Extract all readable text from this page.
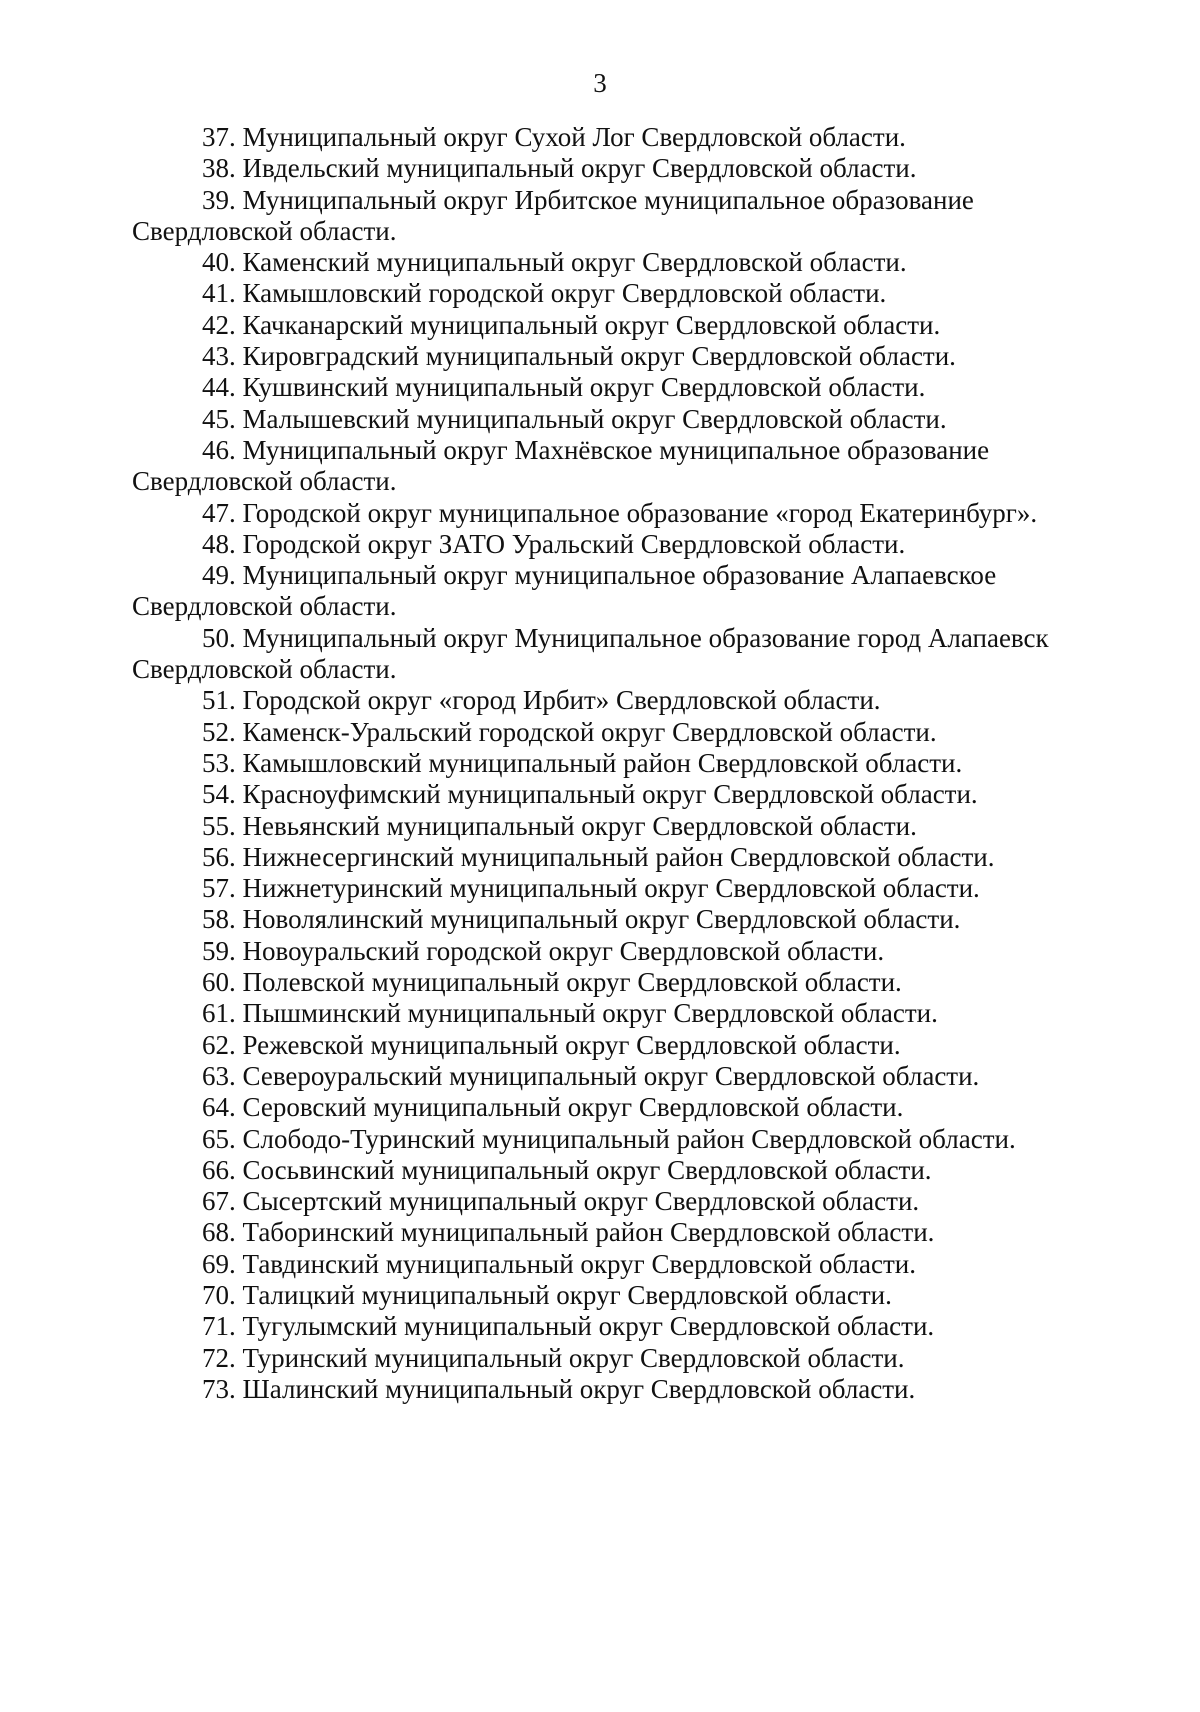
3
37. Муниципальный округ Сухой Лог Свердловской области.
38. Ивдельский муниципальный округ Свердловской области.
39. Муниципальный округ Ирбитское муниципальное образование Свердловской области.
40. Каменский муниципальный округ Свердловской области.
41. Камышловский городской округ Свердловской области.
42. Качканарский муниципальный округ Свердловской области.
43. Кировградский муниципальный округ Свердловской области.
44. Кушвинский муниципальный округ Свердловской области.
45. Малышевский муниципальный округ Свердловской области.
46. Муниципальный округ Махнёвское муниципальное образование Свердловской области.
47. Городской округ муниципальное образование «город Екатеринбург».
48. Городской округ ЗАТО Уральский Свердловской области.
49. Муниципальный округ муниципальное образование Алапаевское Свердловской области.
50. Муниципальный округ Муниципальное образование город Алапаевск Свердловской области.
51. Городской округ «город Ирбит» Свердловской области.
52. Каменск-Уральский городской округ Свердловской области.
53. Камышловский муниципальный район Свердловской области.
54. Красноуфимский муниципальный округ Свердловской области.
55. Невьянский муниципальный округ Свердловской области.
56. Нижнесергинский муниципальный район Свердловской области.
57. Нижнетуринский муниципальный округ Свердловской области.
58. Новолялинский муниципальный округ Свердловской области.
59. Новоуральский городской округ Свердловской области.
60. Полевской муниципальный округ Свердловской области.
61. Пышминский муниципальный округ Свердловской области.
62. Режевской муниципальный округ Свердловской области.
63. Североуральский муниципальный округ Свердловской области.
64. Серовский муниципальный округ Свердловской области.
65. Слободо-Туринский муниципальный район Свердловской области.
66. Сосьвинский муниципальный округ Свердловской области.
67. Сысертский муниципальный округ Свердловской области.
68. Таборинский муниципальный район Свердловской области.
69. Тавдинский муниципальный округ Свердловской области.
70. Талицкий муниципальный округ Свердловской области.
71. Тугулымский муниципальный округ Свердловской области.
72. Туринский муниципальный округ Свердловской области.
73. Шалинский муниципальный округ Свердловской области.
